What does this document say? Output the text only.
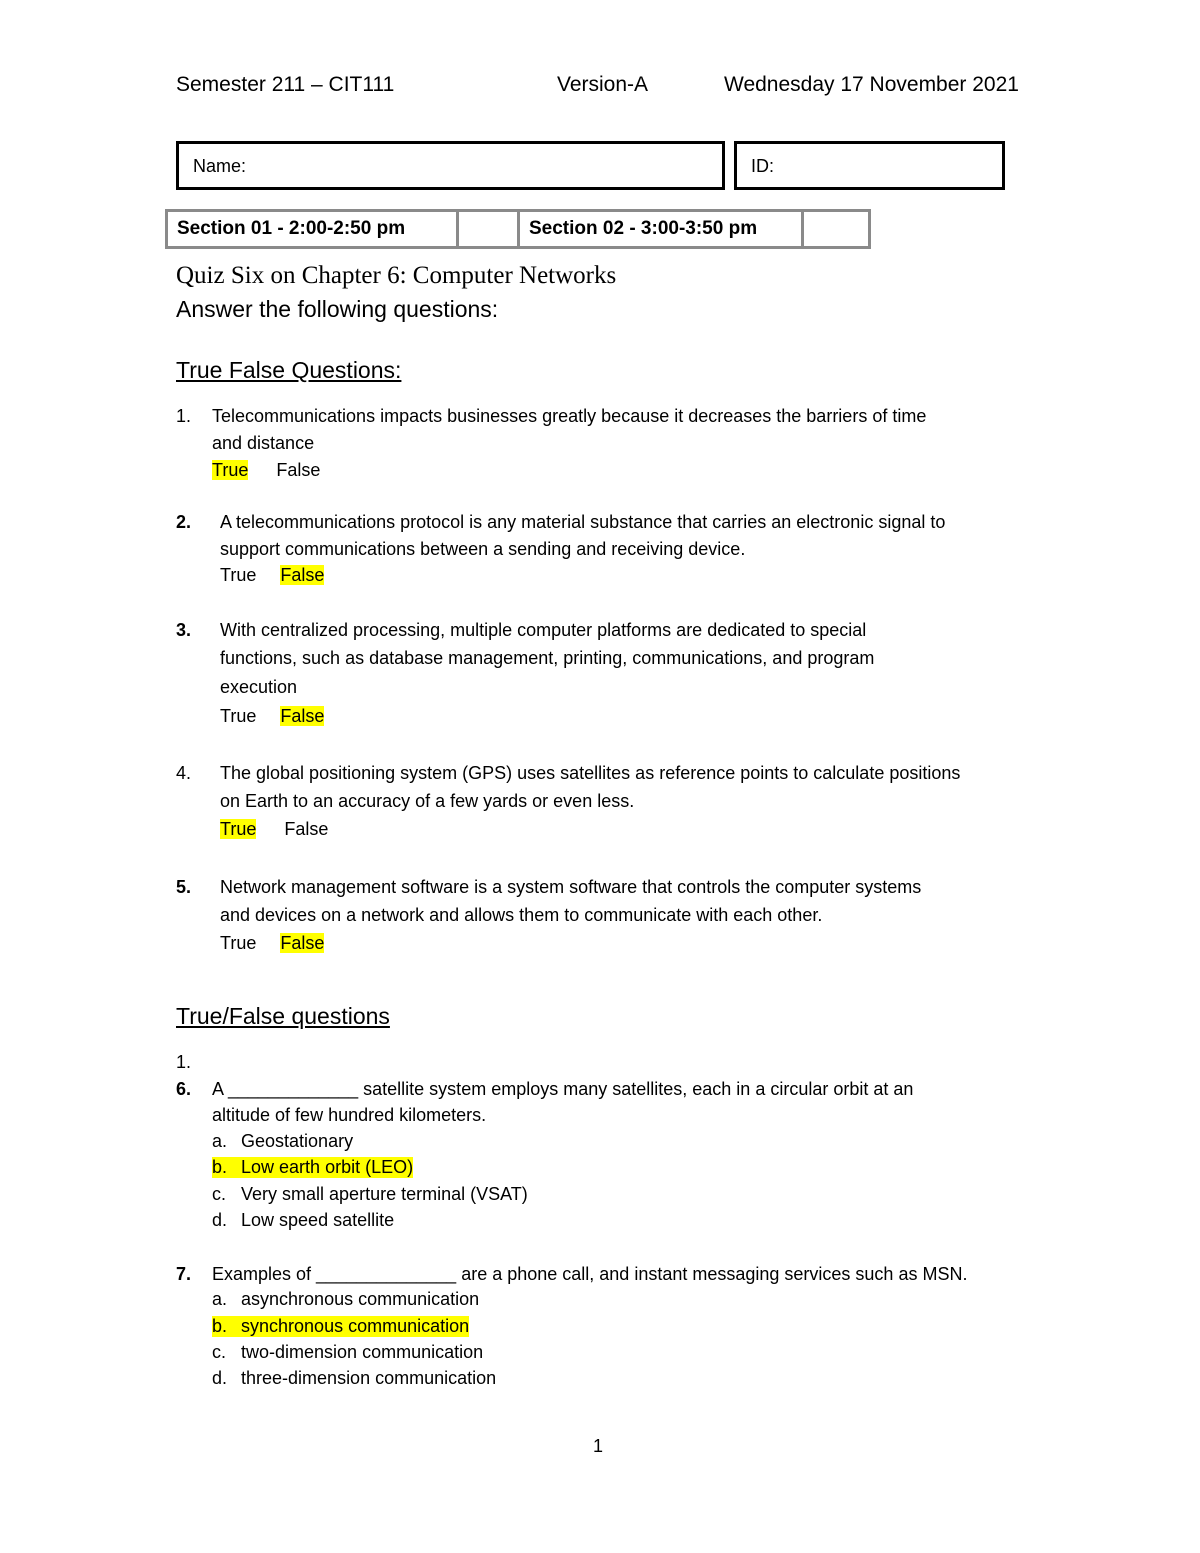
Semester 211 – CIT111	Version-A	Wednesday 17 November 2021
Name:	ID:
Section 01 - 2:00-2:50 pm	Section 02 - 3:00-3:50 pm
Quiz Six on Chapter 6: Computer Networks
Answer the following questions:
True False Questions:
1. Telecommunications impacts businesses greatly because it decreases the barriers of time
and distance
True False
2. A telecommunications protocol is any material substance that carries an electronic signal to
support communications between a sending and receiving device.
True False
3. With centralized processing, multiple computer platforms are dedicated to special
functions, such as database management, printing, communications, and program
execution
True False
4. The global positioning system (GPS) uses satellites as reference points to calculate positions
on Earth to an accuracy of a few yards or even less.
True False
5. Network management software is a system software that controls the computer systems
and devices on a network and allows them to communicate with each other.
True False
True/False questions
1.
6. A _____________ satellite system employs many satellites, each in a circular orbit at an
altitude of few hundred kilometers.
a. Geostationary
b. Low earth orbit (LEO)
c. Very small aperture terminal (VSAT)
d. Low speed satellite
7. Examples of ______________ are a phone call, and instant messaging services such as MSN.
a. asynchronous communication
b. synchronous communication
c. two-dimension communication
d. three-dimension communication
1
